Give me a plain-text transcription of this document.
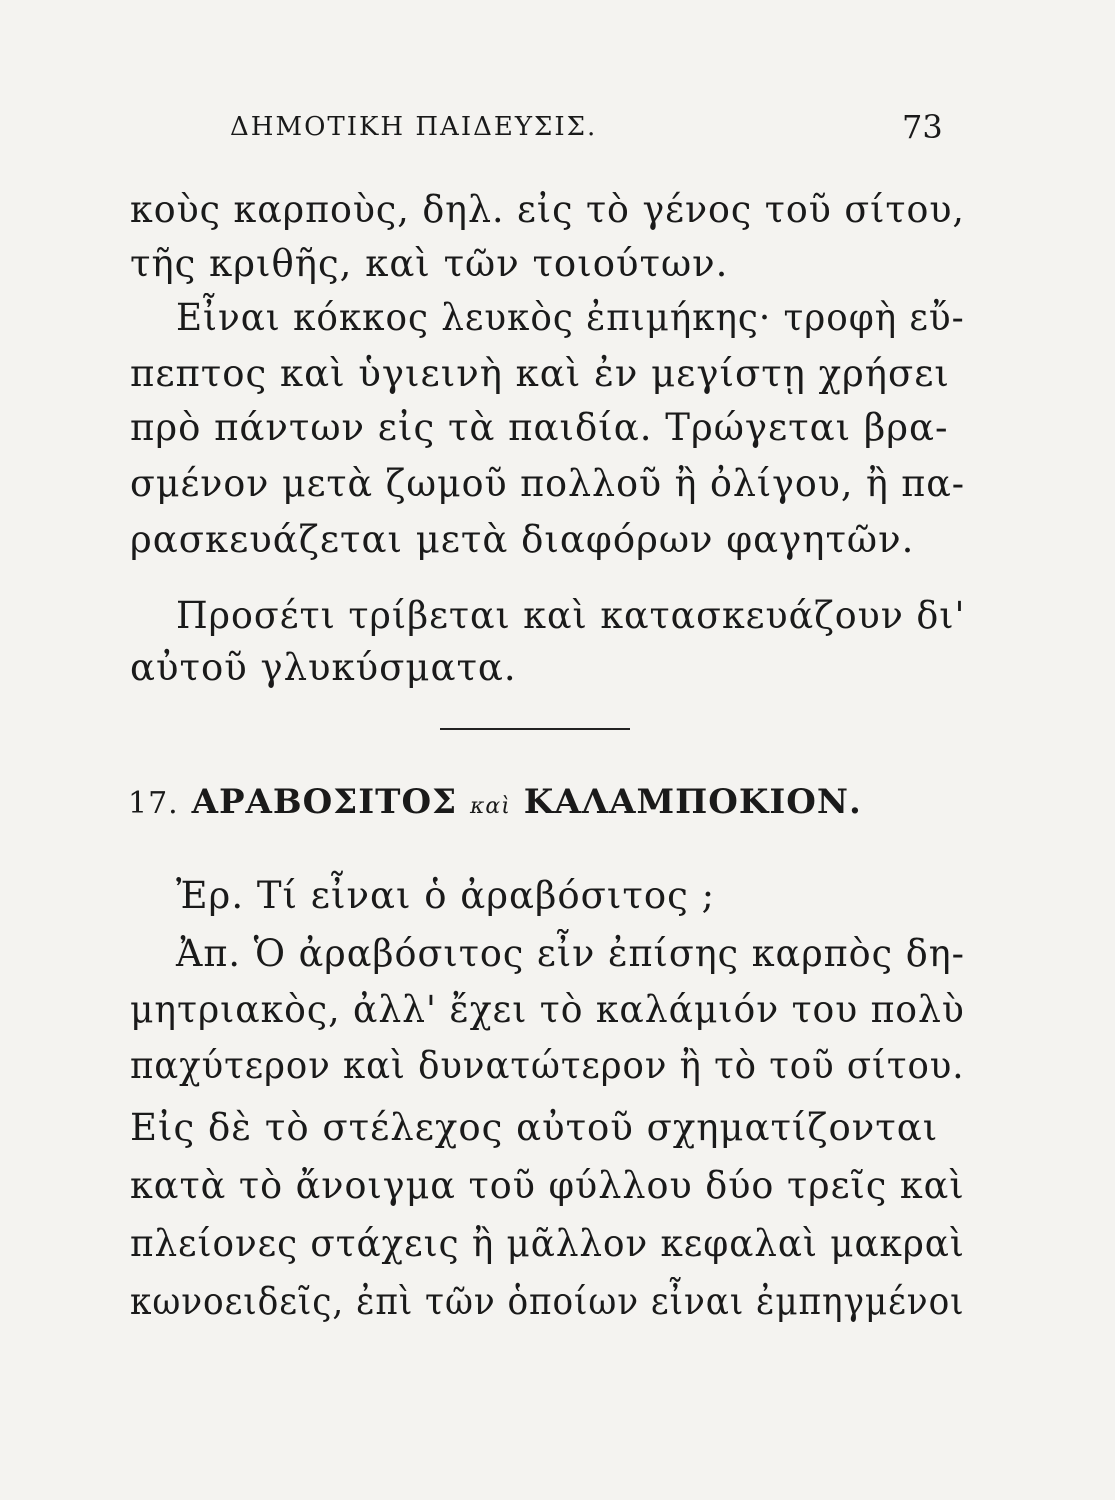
ΔΗΜΟΤΙΚΗ ΠΑΙΔΕΥΣΙΣ.	73
κοὺς καρποὺς, δηλ. εἰς τὸ γένος τοῦ σίτου,
τῆς κριθῆς, καὶ τῶν τοιούτων.
Εἶναι κόκκος λευκὸς ἐπιμήκης· τροφὴ εὔ-
πεπτος καὶ ὑγιεινὴ καὶ ἐν μεγίστῃ χρήσει
πρὸ πάντων εἰς τὰ παιδία. Τρώγεται βρα-
σμένον μετὰ ζωμοῦ πολλοῦ ἢ ὀλίγου, ἢ πα-
ρασκευάζεται μετὰ διαφόρων φαγητῶν.
Προσέτι τρίβεται καὶ κατασκευάζουν δι'
αὐτοῦ γλυκύσματα.
17. ΑΡΑΒΟΣΙΤΟΣ καὶ ΚΑΛΑΜΠΟΚΙΟΝ.
Ἐρ. Τί εἶναι ὁ ἀραβόσιτος ;
Ἀπ. Ὁ ἀραβόσιτος εἶν ἐπίσης καρπὸς δη-
μητριακὸς, ἀλλ' ἔχει τὸ καλάμιόν του πολὺ
παχύτερον καὶ δυνατώτερον ἢ τὸ τοῦ σίτου.
Εἰς δὲ τὸ στέλεχος αὐτοῦ σχηματίζονται
κατὰ τὸ ἄνοιγμα τοῦ φύλλου δύο τρεῖς καὶ
πλείονες στάχεις ἢ μᾶλλον κεφαλαὶ μακραὶ
κωνοειδεῖς, ἐπὶ τῶν ὁποίων εἶναι ἐμπηγμένοι
